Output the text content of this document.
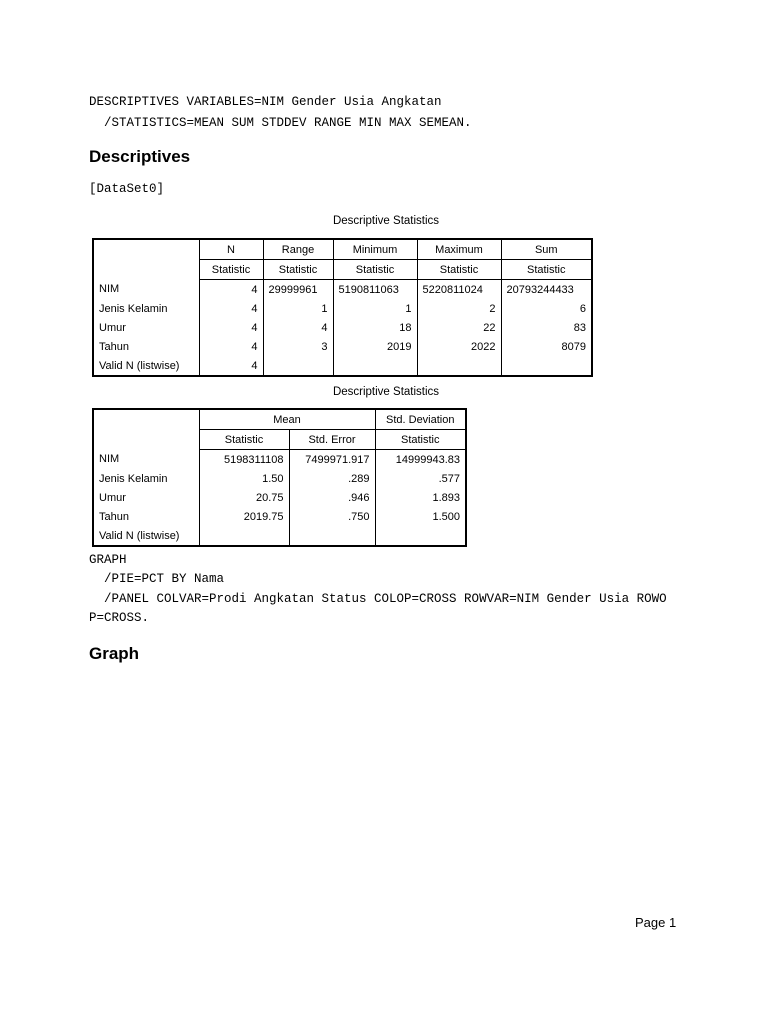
DESCRIPTIVES VARIABLES=NIM Gender Usia Angkatan
/STATISTICS=MEAN SUM STDDEV RANGE MIN MAX SEMEAN.
Descriptives
[DataSet0]
Descriptive Statistics
	N	Range	Minimum	Maximum	Sum
	Statistic	Statistic	Statistic	Statistic	Statistic
NIM	4	29999961	5190811063	5220811024	20793244433
Jenis Kelamin	4	1	1	2	6
Umur	4	4	18	22	83
Tahun	4	3	2019	2022	8079
Valid N (listwise)	4				
Descriptive Statistics
	Mean		Std. Deviation
	Statistic	Std. Error	Statistic
NIM	5198311108	7499971.917	14999943.83
Jenis Kelamin	1.50	.289	.577
Umur	20.75	.946	1.893
Tahun	2019.75	.750	1.500
Valid N (listwise)			
GRAPH
/PIE=PCT BY Nama
/PANEL COLVAR=Prodi Angkatan Status COLOP=CROSS ROWVAR=NIM Gender Usia ROWO
P=CROSS.
Graph
Page 1
